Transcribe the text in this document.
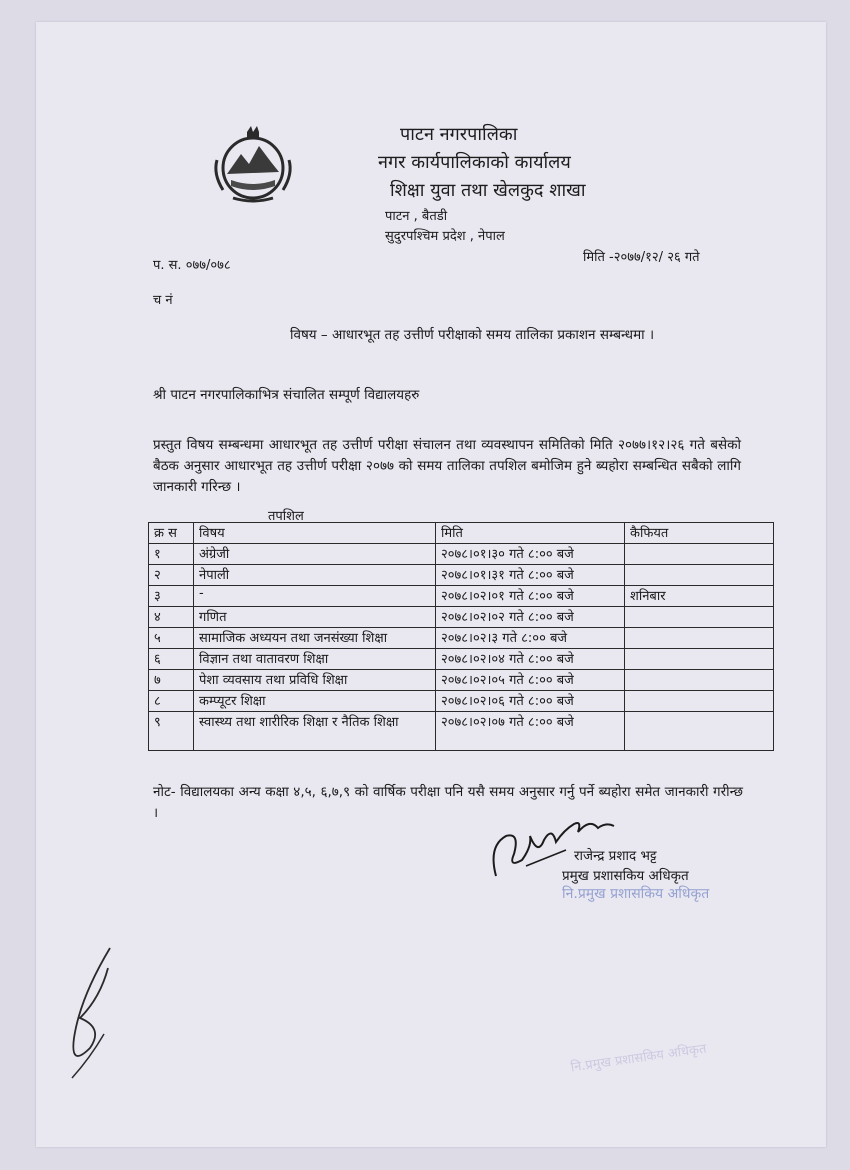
पाटन नगरपालिका
नगर कार्यपालिकाको कार्यालय
शिक्षा युवा तथा खेलकुद शाखा
पाटन , बैतडी
सुदुरपश्चिम प्रदेश , नेपाल
प. स. ०७७/०७८
मिति -२०७७/१२/ २६ गते
च नं
विषय – आधारभूत तह उत्तीर्ण परीक्षाको समय तालिका प्रकाशन सम्बन्धमा ।
श्री पाटन नगरपालिकाभित्र संचालित सम्पूर्ण विद्यालयहरु
प्रस्तुत विषय सम्बन्धमा आधारभूत तह उत्तीर्ण परीक्षा संचालन तथा व्यवस्थापन समितिको मिति २०७७।१२।२६ गते बसेको बैठक अनुसार आधारभूत तह उत्तीर्ण परीक्षा २०७७ को समय तालिका तपशिल बमोजिम हुने ब्यहोरा सम्बन्धित सबैको लागि जानकारी गरिन्छ ।
तपशिल
क्र स	विषय	मिति	कैफियत
१	अंग्रेजी	२०७८।०१।३० गते ८:०० बजे	
२	नेपाली	२०७८।०१।३१ गते ८:०० बजे	
३	-	२०७८।०२।०१ गते ८:०० बजे	शनिबार
४	गणित	२०७८।०२।०२ गते ८:०० बजे	
५	सामाजिक अध्ययन तथा जनसंख्या शिक्षा	२०७८।०२।३ गते ८:०० बजे	
६	विज्ञान तथा वातावरण शिक्षा	२०७८।०२।०४ गते ८:०० बजे	
७	पेशा व्यवसाय तथा प्रविधि शिक्षा	२०७८।०२।०५ गते ८:०० बजे	
८	कम्प्यूटर शिक्षा	२०७८।०२।०६ गते ८:०० बजे	
९	स्वास्थ्य तथा शारीरिक शिक्षा र नैतिक शिक्षा	२०७८।०२।०७ गते ८:०० बजे	
नोट- विद्यालयका अन्य कक्षा ४,५, ६,७,९ को वार्षिक परीक्षा पनि यसै समय अनुसार गर्नु पर्ने ब्यहोरा समेत जानकारी गरीन्छ ।
राजेन्द्र प्रशाद भट्ट
प्रमुख प्रशासकिय अधिकृत
नि.प्रमुख प्रशासकिय अधिकृत
नि.प्रमुख प्रशासकिय अधिकृत
